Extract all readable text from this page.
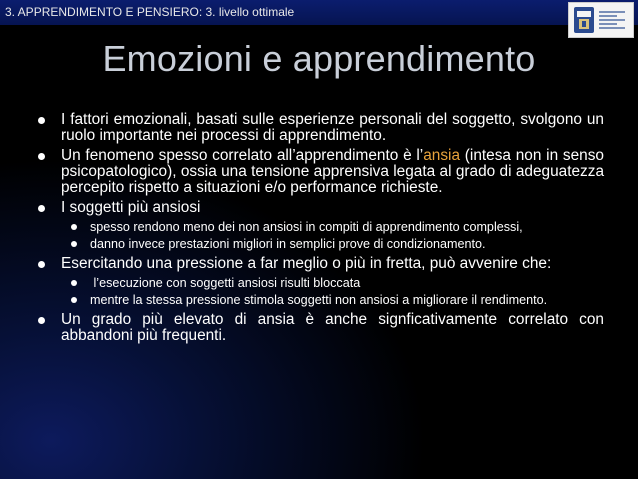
3. APPRENDIMENTO E PENSIERO: 3. livello ottimale
Emozioni e apprendimento
I fattori emozionali, basati sulle esperienze personali del soggetto, svolgono un ruolo importante nei processi di apprendimento.
Un fenomeno spesso correlato all’apprendimento è l’ansia (intesa non in senso psicopatologico), ossia una tensione apprensiva legata al grado di adeguatezza percepito rispetto a situazioni e/o performance richieste.
I soggetti più ansiosi
spesso rendono meno dei non ansiosi in compiti di apprendimento complessi,
danno invece prestazioni migliori in semplici prove di condizionamento.
Esercitando una pressione a far meglio o più in fretta, può avvenire che:
l’esecuzione con soggetti ansiosi risulti bloccata
mentre la stessa pressione stimola soggetti non ansiosi a migliorare il rendimento.
Un grado più elevato di ansia è anche signficativamente correlato con abbandoni più frequenti.
